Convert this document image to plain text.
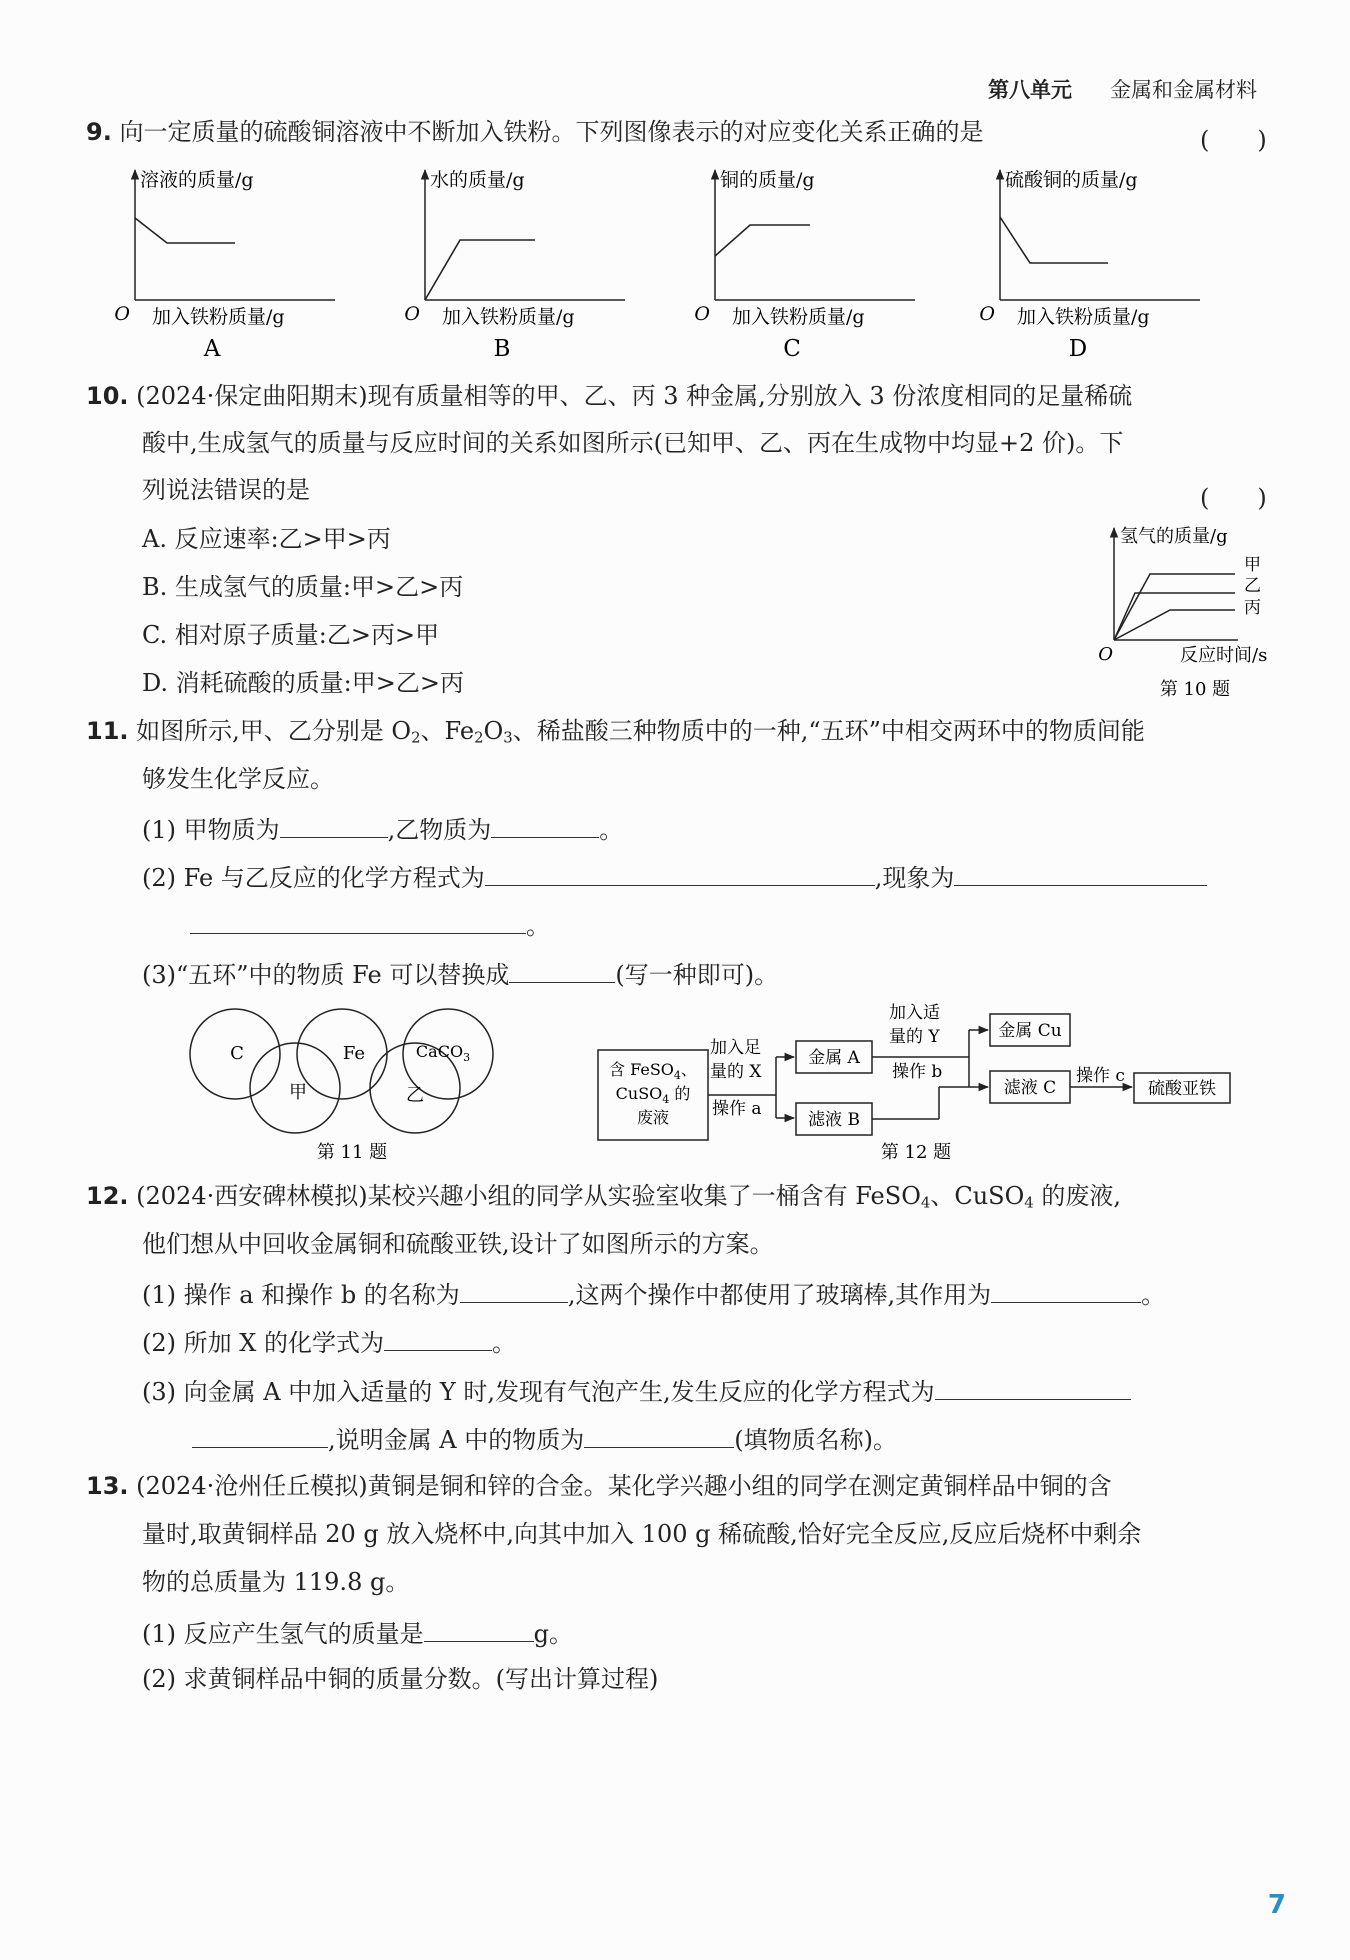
第八单元 金属和金属材料
9. 向一定质量的硫酸铜溶液中不断加入铁粉。下列图像表示的对应变化关系正确的是	(　　)
溶液的质量/g
O 加入铁粉质量/g
A
水的质量/g
O 加入铁粉质量/g
B
铜的质量/g
O 加入铁粉质量/g
C
硫酸铜的质量/g
O 加入铁粉质量/g
D
10. (2024·保定曲阳期末)现有质量相等的甲、乙、丙 3 种金属,分别放入 3 份浓度相同的足量稀硫
酸中,生成氢气的质量与反应时间的关系如图所示(已知甲、乙、丙在生成物中均显+2 价)。下
列说法错误的是	(　　)
A. 反应速率:乙>甲>丙
B. 生成氢气的质量:甲>乙>丙
C. 相对原子质量:乙>丙>甲
D. 消耗硫酸的质量:甲>乙>丙
氢气的质量/g
甲
乙
丙
O	反应时间/s
第 10 题
11. 如图所示,甲、乙分别是 $O_2$、$Fe_2O_3$、稀盐酸三种物质中的一种,“五环”中相交两环中的物质间能
够发生化学反应。
(1) 甲物质为	,乙物质为	。
(2) Fe 与乙反应的化学方程式为	,现象为
。
(3)“五环”中的物质 Fe 可以替换成	(写一种即可)。
C
甲
Fe
乙
CaCO$_3$
第 11 题
含 FeSO$_4$、
CuSO$_4$ 的
废液
加入足
量的 X
操作 a
金属 A
滤液 B
加入适
量的 Y
操作 b
金属 Cu
滤液 C
操作 c
硫酸亚铁
第 12 题
12. (2024·西安碑林模拟)某校兴趣小组的同学从实验室收集了一桶含有 FeSO$_4$、CuSO$_4$ 的废液,
他们想从中回收金属铜和硫酸亚铁,设计了如图所示的方案。
(1) 操作 a 和操作 b 的名称为	,这两个操作中都使用了玻璃棒,其作用为	。
(2) 所加 X 的化学式为	。
(3) 向金属 A 中加入适量的 Y 时,发现有气泡产生,发生反应的化学方程式为
,说明金属 A 中的物质为	(填物质名称)。
13. (2024·沧州任丘模拟)黄铜是铜和锌的合金。某化学兴趣小组的同学在测定黄铜样品中铜的含
量时,取黄铜样品 20 g 放入烧杯中,向其中加入 100 g 稀硫酸,恰好完全反应,反应后烧杯中剩余
物的总质量为 119.8 g。
(1) 反应产生氢气的质量是	g。
(2) 求黄铜样品中铜的质量分数。(写出计算过程)
7
